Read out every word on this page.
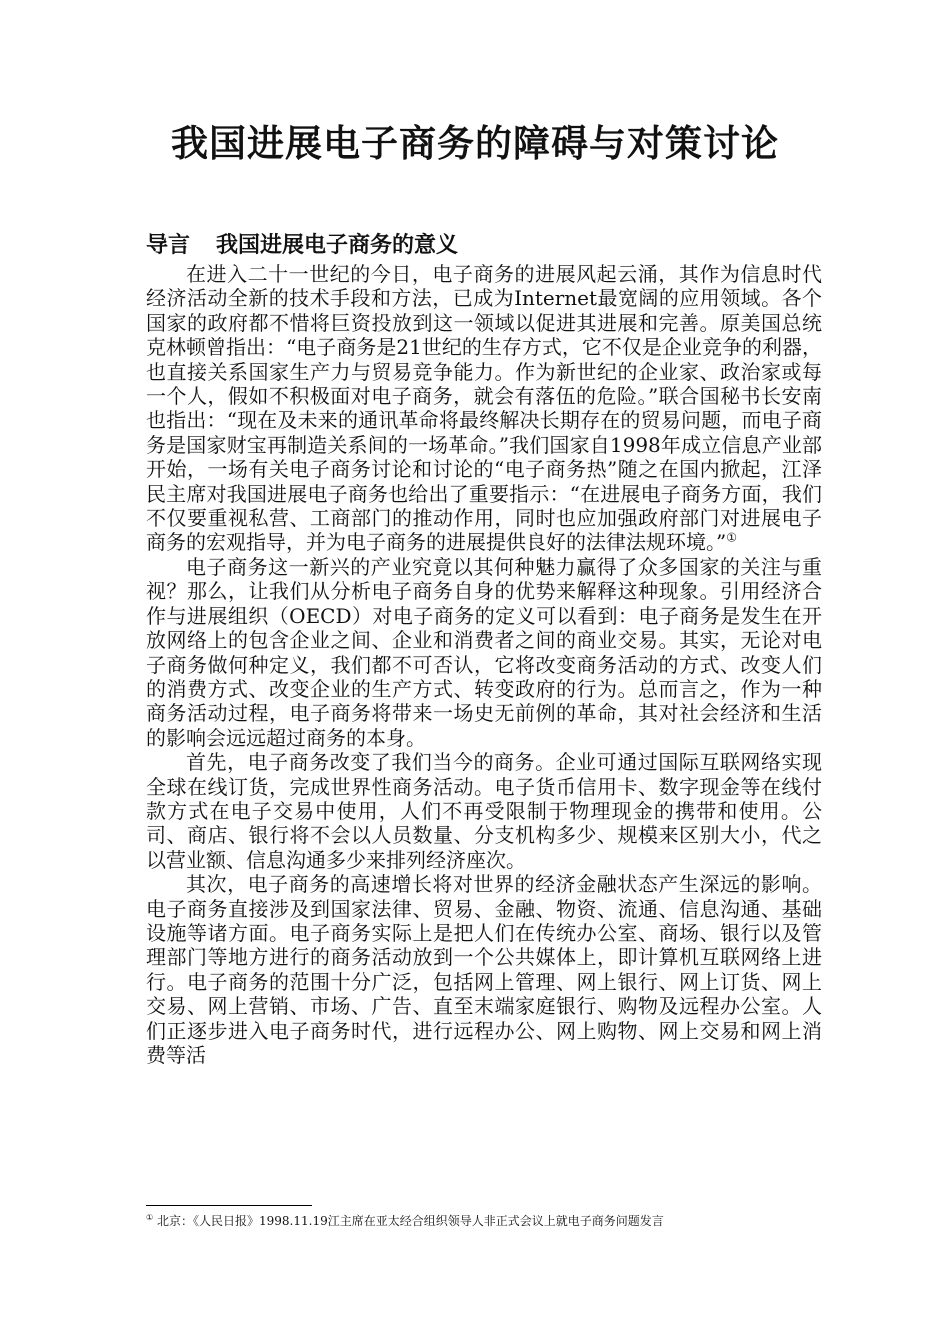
我国进展电子商务的障碍与对策讨论
导言 我国进展电子商务的意义

在进入二十一世纪的今日，电子商务的进展风起云涌，其作为信息时代经济活动全新的技术手段和方法，已成为Internet最宽阔的应用领域。各个国家的政府都不惜将巨资投放到这一领域以促进其进展和完善。原美国总统克林顿曾指出：“电子商务是21世纪的生存方式，它不仅是企业竞争的利器，也直接关系国家生产力与贸易竞争能力。作为新世纪的企业家、政治家或每一个人，假如不积极面对电子商务，就会有落伍的危险。”联合国秘书长安南也指出：“现在及未来的通讯革命将最终解决长期存在的贸易问题，而电子商务是国家财宝再制造关系间的一场革命。”我们国家自1998年成立信息产业部开始，一场有关电子商务讨论和讨论的“电子商务热”随之在国内掀起，江泽民主席对我国进展电子商务也给出了重要指示：“在进展电子商务方面，我们不仅要重视私营、工商部门的推动作用，同时也应加强政府部门对进展电子商务的宏观指导，并为电子商务的进展提供良好的法律法规环境。”①

电子商务这一新兴的产业究竟以其何种魅力赢得了众多国家的关注与重视？那么，让我们从分析电子商务自身的优势来解释这种现象。引用经济合作与进展组织（OECD）对电子商务的定义可以看到：电子商务是发生在开放网络上的包含企业之间、企业和消费者之间的商业交易。其实，无论对电子商务做何种定义，我们都不可否认，它将改变商务活动的方式、改变人们的消费方式、改变企业的生产方式、转变政府的行为。总而言之，作为一种商务活动过程，电子商务将带来一场史无前例的革命，其对社会经济和生活的影响会远远超过商务的本身。

首先，电子商务改变了我们当今的商务。企业可通过国际互联网络实现全球在线订货，完成世界性商务活动。电子货币信用卡、数字现金等在线付款方式在电子交易中使用，人们不再受限制于物理现金的携带和使用。公司、商店、银行将不会以人员数量、分支机构多少、规模来区别大小，代之以营业额、信息沟通多少来排列经济座次。

其次，电子商务的高速增长将对世界的经济金融状态产生深远的影响。电子商务直接涉及到国家法律、贸易、金融、物资、流通、信息沟通、基础设施等诸方面。电子商务实际上是把人们在传统办公室、商场、银行以及管理部门等地方进行的商务活动放到一个公共媒体上，即计算机互联网络上进行。电子商务的范围十分广泛，包括网上管理、网上银行、网上订货、网上交易、网上营销、市场、广告、直至末端家庭银行、购物及远程办公室。人们正逐步进入电子商务时代，进行远程办公、网上购物、网上交易和网上消费等活

① 北京：《人民日报》1998.11.19江主席在亚太经合组织领导人非正式会议上就电子商务问题发言
